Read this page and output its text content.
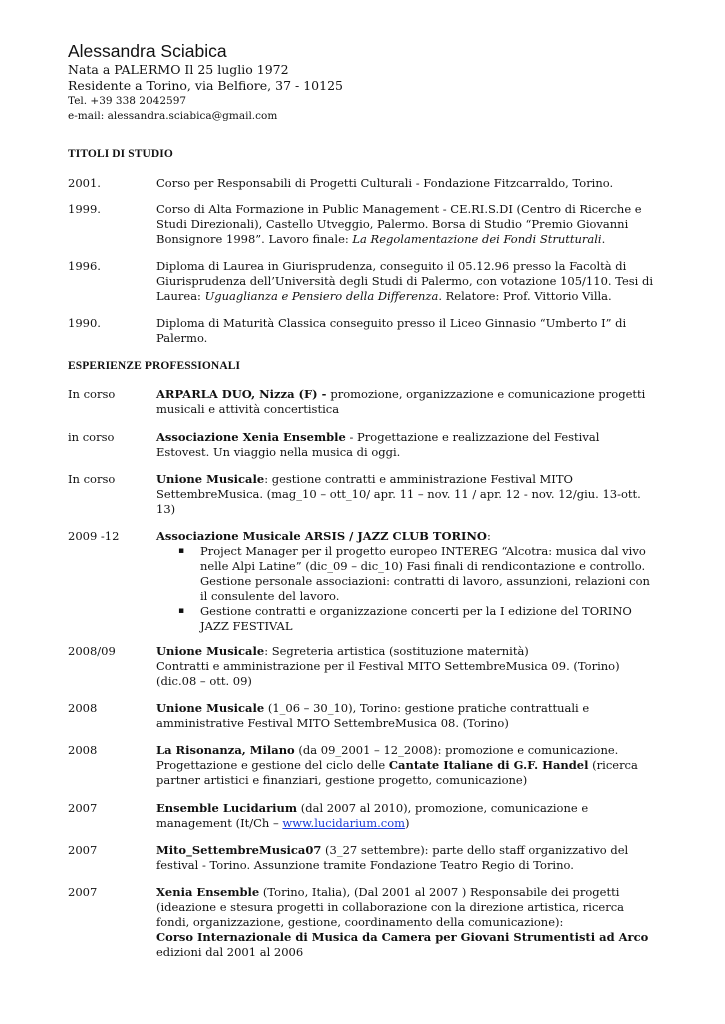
Alessandra Sciabica
Nata a PALERMO Il 25 luglio 1972
Residente a Torino, via Belfiore, 37 - 10125
Tel. +39 338 2042597
e-mail: alessandra.sciabica@gmail.com
TITOLI DI STUDIO
2001.	Corso per Responsabili di Progetti Culturali - Fondazione Fitzcarraldo, Torino.

1999.	Corso di Alta Formazione in Public Management - CE.RI.S.DI (Centro di Ricerche e Studi Direzionali), Castello Utveggio, Palermo. Borsa di Studio “Premio Giovanni Bonsignore 1998”. Lavoro finale: La Regolamentazione dei Fondi Strutturali.

1996.	Diploma di Laurea in Giurisprudenza, conseguito il 05.12.96 presso la Facoltà di Giurisprudenza dell’Università degli Studi di Palermo, con votazione 105/110. Tesi di Laurea: Uguaglianza e Pensiero della Differenza. Relatore: Prof. Vittorio Villa.

1990.	Diploma di Maturità Classica conseguito presso il Liceo Ginnasio “Umberto I” di Palermo.

ESPERIENZE PROFESSIONALI
In corso	ARPARLA DUO, Nizza (F) - promozione, organizzazione e comunicazione progetti musicali e attività concertistica

in corso	Associazione Xenia Ensemble - Progettazione e realizzazione del Festival Estovest. Un viaggio nella musica di oggi.

In corso	Unione Musicale: gestione contratti e amministrazione Festival MITO SettembreMusica. (mag_10 – ott_10/ apr. 11 – nov. 11 / apr. 12 - nov. 12/giu. 13-ott. 13)

2009 -12	Associazione Musicale ARSIS / JAZZ CLUB TORINO:

▪ Project Manager per il progetto europeo INTEREG “Alcotra: musica dal vivo nelle Alpi Latine” (dic_09 – dic_10) Fasi finali di rendicontazione e controllo. Gestione personale associazioni: contratti di lavoro, assunzioni, relazioni con il consulente del lavoro.
▪ Gestione contratti e organizzazione concerti per la I edizione del TORINO JAZZ FESTIVAL
2008/09	Unione Musicale: Segreteria artistica (sostituzione maternità)

Contratti e amministrazione per il Festival MITO SettembreMusica 09. (Torino) (dic.08 – ott. 09)

2008	Unione Musicale (1_06 – 30_10), Torino: gestione pratiche contrattuali e amministrative Festival MITO SettembreMusica 08. (Torino)

2008	La Risonanza, Milano (da 09_2001 – 12_2008): promozione e comunicazione.

Progettazione e gestione del ciclo delle Cantate Italiane di G.F. Handel (ricerca partner artistici e finanziari, gestione progetto, comunicazione)

2007	Ensemble Lucidarium (dal 2007 al 2010), promozione, comunicazione e management (It/Ch – www.lucidarium.com)

2007	Mito_SettembreMusica07 (3_27 settembre): parte dello staff organizzativo del festival - Torino. Assunzione tramite Fondazione Teatro Regio di Torino.

2007	Xenia Ensemble (Torino, Italia), (Dal 2001 al 2007 ) Responsabile dei progetti (ideazione e stesura progetti in collaborazione con la direzione artistica, ricerca fondi, organizzazione, gestione, coordinamento della comunicazione):

Corso Internazionale di Musica da Camera per Giovani Strumentisti ad Arco

edizioni dal 2001 al 2006
